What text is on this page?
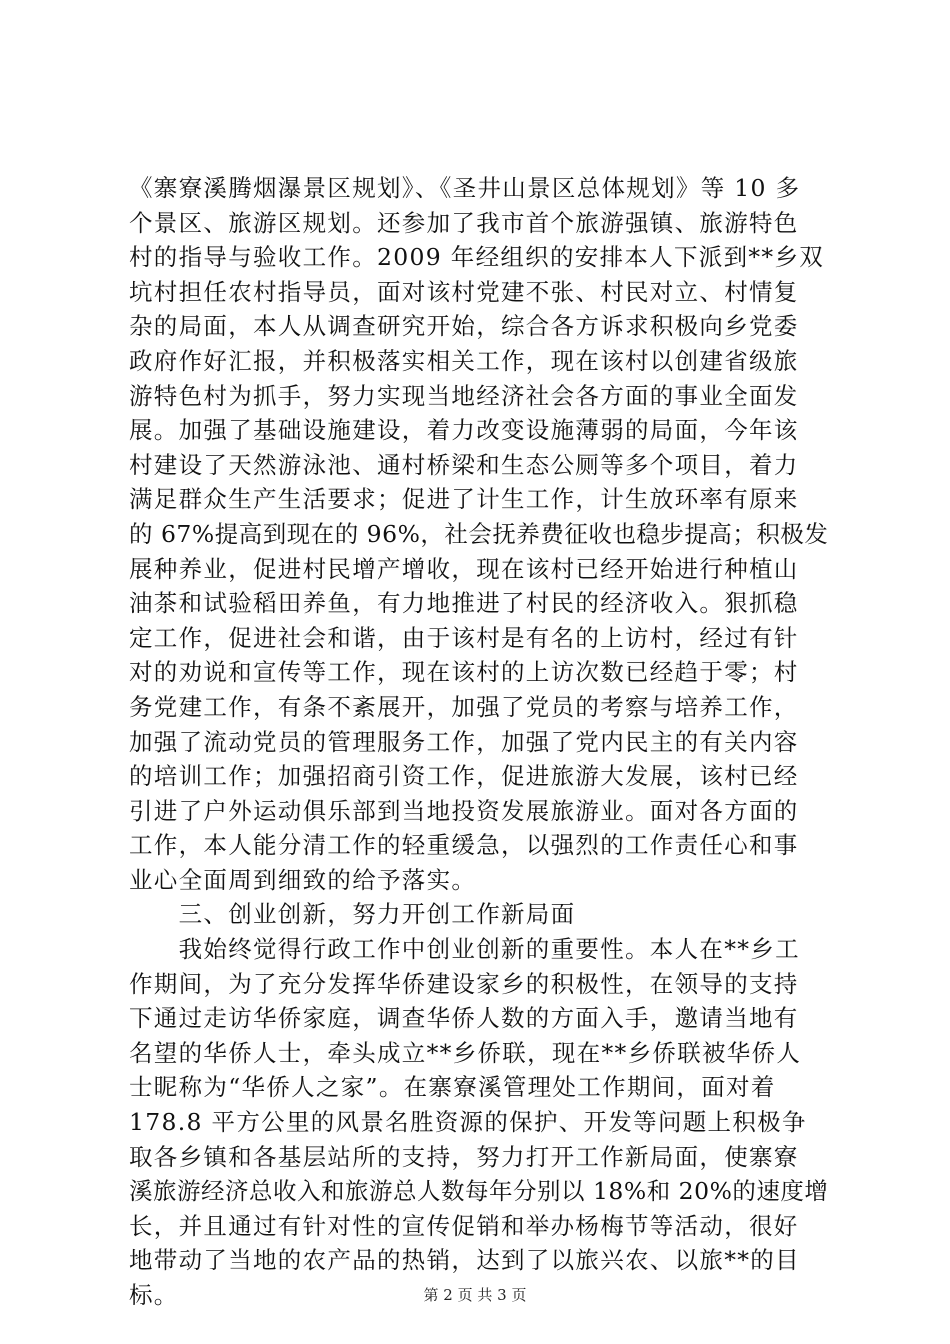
《寨寮溪腾烟瀑景区规划》、《圣井山景区总体规划》等 10 多
个景区、旅游区规划。还参加了我市首个旅游强镇、旅游特色
村的指导与验收工作。2009 年经组织的安排本人下派到**乡双
坑村担任农村指导员，面对该村党建不张、村民对立、村情复
杂的局面，本人从调查研究开始，综合各方诉求积极向乡党委
政府作好汇报，并积极落实相关工作，现在该村以创建省级旅
游特色村为抓手，努力实现当地经济社会各方面的事业全面发
展。加强了基础设施建设，着力改变设施薄弱的局面，今年该
村建设了天然游泳池、通村桥梁和生态公厕等多个项目，着力
满足群众生产生活要求；促进了计生工作，计生放环率有原来
的 67%提高到现在的 96%，社会抚养费征收也稳步提高；积极发
展种养业，促进村民增产增收，现在该村已经开始进行种植山
油茶和试验稻田养鱼，有力地推进了村民的经济收入。狠抓稳
定工作，促进社会和谐，由于该村是有名的上访村，经过有针
对的劝说和宣传等工作，现在该村的上访次数已经趋于零；村
务党建工作，有条不紊展开，加强了党员的考察与培养工作，
加强了流动党员的管理服务工作，加强了党内民主的有关内容
的培训工作；加强招商引资工作，促进旅游大发展，该村已经
引进了户外运动俱乐部到当地投资发展旅游业。面对各方面的
工作，本人能分清工作的轻重缓急，以强烈的工作责任心和事
业心全面周到细致的给予落实。
　　三、创业创新，努力开创工作新局面
　　我始终觉得行政工作中创业创新的重要性。本人在**乡工
作期间，为了充分发挥华侨建设家乡的积极性，在领导的支持
下通过走访华侨家庭，调查华侨人数的方面入手，邀请当地有
名望的华侨人士，牵头成立**乡侨联，现在**乡侨联被华侨人
士昵称为“华侨人之家”。在寨寮溪管理处工作期间，面对着
178.8 平方公里的风景名胜资源的保护、开发等问题上积极争
取各乡镇和各基层站所的支持，努力打开工作新局面，使寨寮
溪旅游经济总收入和旅游总人数每年分别以 18%和 20%的速度增
长，并且通过有针对性的宣传促销和举办杨梅节等活动，很好
地带动了当地的农产品的热销，达到了以旅兴农、以旅**的目
标。	第 2 页 共 3 页
